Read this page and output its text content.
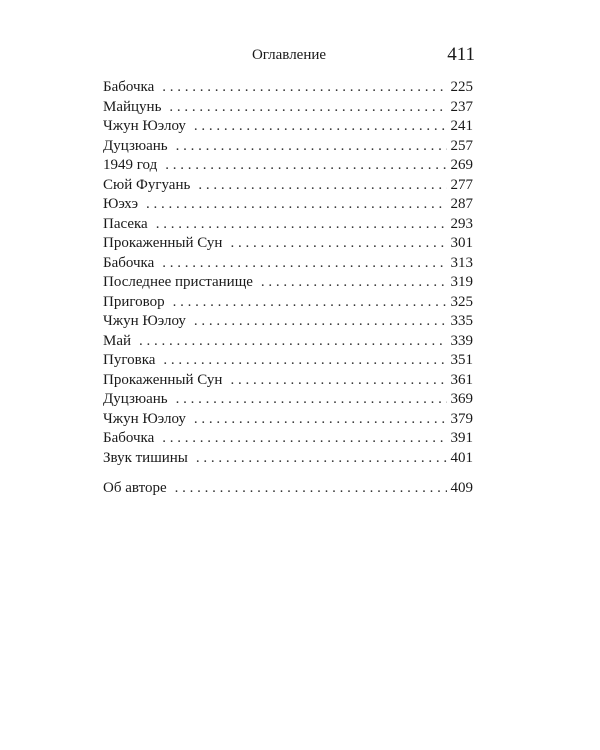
Оглавление	411
Бабочка . . .	225
Майцунь . . .	237
Чжун Юэлоу . . .	241
Дуцзюань . . .	257
1949 год . . .	269
Сюй Фугуань . . .	277
Юэхэ . . .	287
Пасека . . .	293
Прокаженный Сун . . .	301
Бабочка . . .	313
Последнее пристанище . . .	319
Приговор . . .	325
Чжун Юэлоу . . .	335
Май . . .	339
Пуговка . . .	351
Прокаженный Сун . . .	361
Дуцзюань . . .	369
Чжун Юэлоу . . .	379
Бабочка . . .	391
Звук тишины . . .	401
Об авторе . . .	409
